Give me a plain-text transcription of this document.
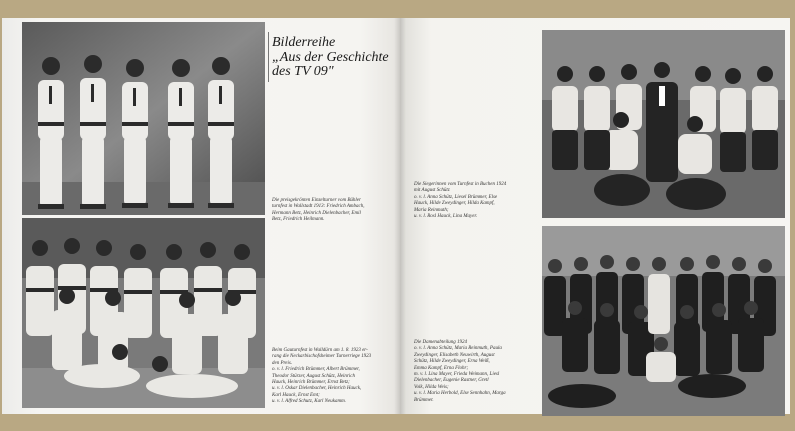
Bilderreihe
„Aus der Geschichte
des TV 09"
Die preisgekrönten Einzelturner vom Bühler
turnfest in Wallstadt 1913: Friedrich Ambach,
Hermann Betz, Heinrich Dielenbacher, Emil
Betz, Friedrich Heilmann.
Beim Gauturnfest in Walldürn am 1. 8. 1923 er-
rang die Neckarbischofsheimer Turnerriege 1923
den Preis.
o. v. l. Friedrich Brümmer, Albert Brümmer,
Theodor Stürzer, August Schütz, Heinrich
Hauck, Heinrich Brümmer, Ernst Betz;
u. v. l. Oskar Dielenbacher, Heinrich Hauck,
Karl Hauck, Ernst Emt;
u. v. l. Alfred Schutz, Karl Neukamm.
Die Siegerinnen vom Turnfest in Buchen 1924
mit August Schütz
o. v. l. Anna Schütz, Liesel Brümmer, Else
Hauck, Hilde Zweydinger, Hilda Kampf,
Maria Reinmuth;
u. v. l. Rosl Hauck, Lina Mayer.
Die Damenabteilung 1924
o. v. l. Anna Schütz, Maria Reinmuth, Paula
Zweydinger, Elisabeth Neuwirth, August
Schütz, Hilde Zweydinger, Erna Weiß,
Emma Kampf, Erna Flohr;
m. v. l. Lina Mayer, Frieda Weimann, Liesl
Dielenbacher, Eugenie Rastner, Gretl
Volk, Hilda Weis;
u. v. l. Maria Herbold, Else Sennhahn, Marga
Brümmer.
